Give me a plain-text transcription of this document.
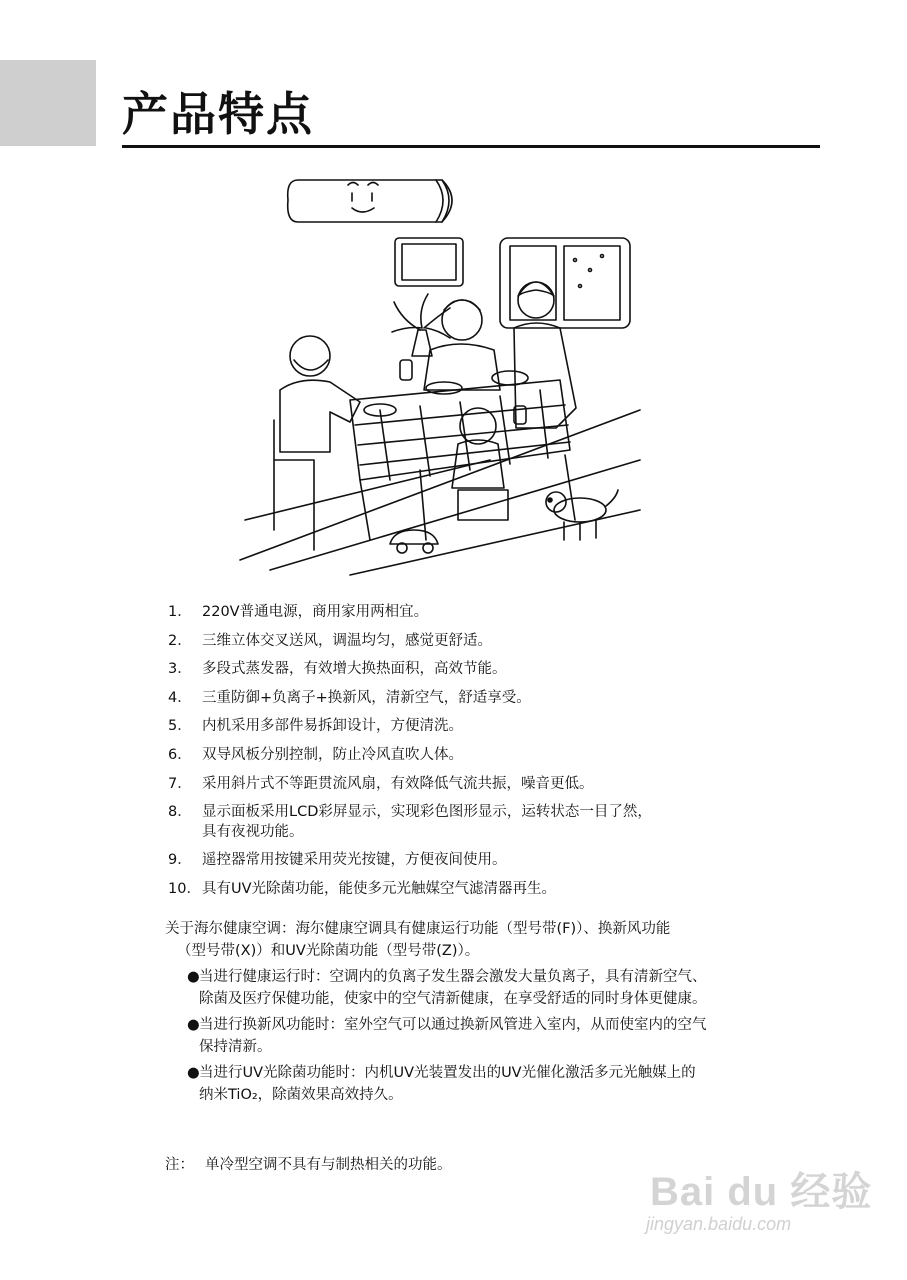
产品特点
1． 220V普通电源，商用家用两相宜。
2． 三维立体交叉送风，调温均匀，感觉更舒适。
3． 多段式蒸发器，有效增大换热面积，高效节能。
4． 三重防御+负离子+换新风，清新空气，舒适享受。
5． 内机采用多部件易拆卸设计，方便清洗。
6． 双导风板分别控制，防止冷风直吹人体。
7． 采用斜片式不等距贯流风扇，有效降低气流共振，噪音更低。
8． 显示面板采用LCD彩屏显示，实现彩色图形显示，运转状态一目了然，
具有夜视功能。
9． 遥控器常用按键采用荧光按键，方便夜间使用。
10． 具有UV光除菌功能，能使多元光触媒空气滤清器再生。

关于海尔健康空调：海尔健康空调具有健康运行功能（型号带(F)）、换新风功能
（型号带(X)）和UV光除菌功能（型号带(Z)）。

● 当进行健康运行时：空调内的负离子发生器会激发大量负离子，具有清新空气、
除菌及医疗保健功能，使家中的空气清新健康，在享受舒适的同时身体更健康。
● 当进行换新风功能时：室外空气可以通过换新风管进入室内，从而使室内的空气
保持清新。
● 当进行UV光除菌功能时：内机UV光装置发出的UV光催化激活多元光触媒上的
纳米TiO₂，除菌效果高效持久。
注： 单冷型空调不具有与制热相关的功能。
Bai du 经验
jingyan.baidu.com
